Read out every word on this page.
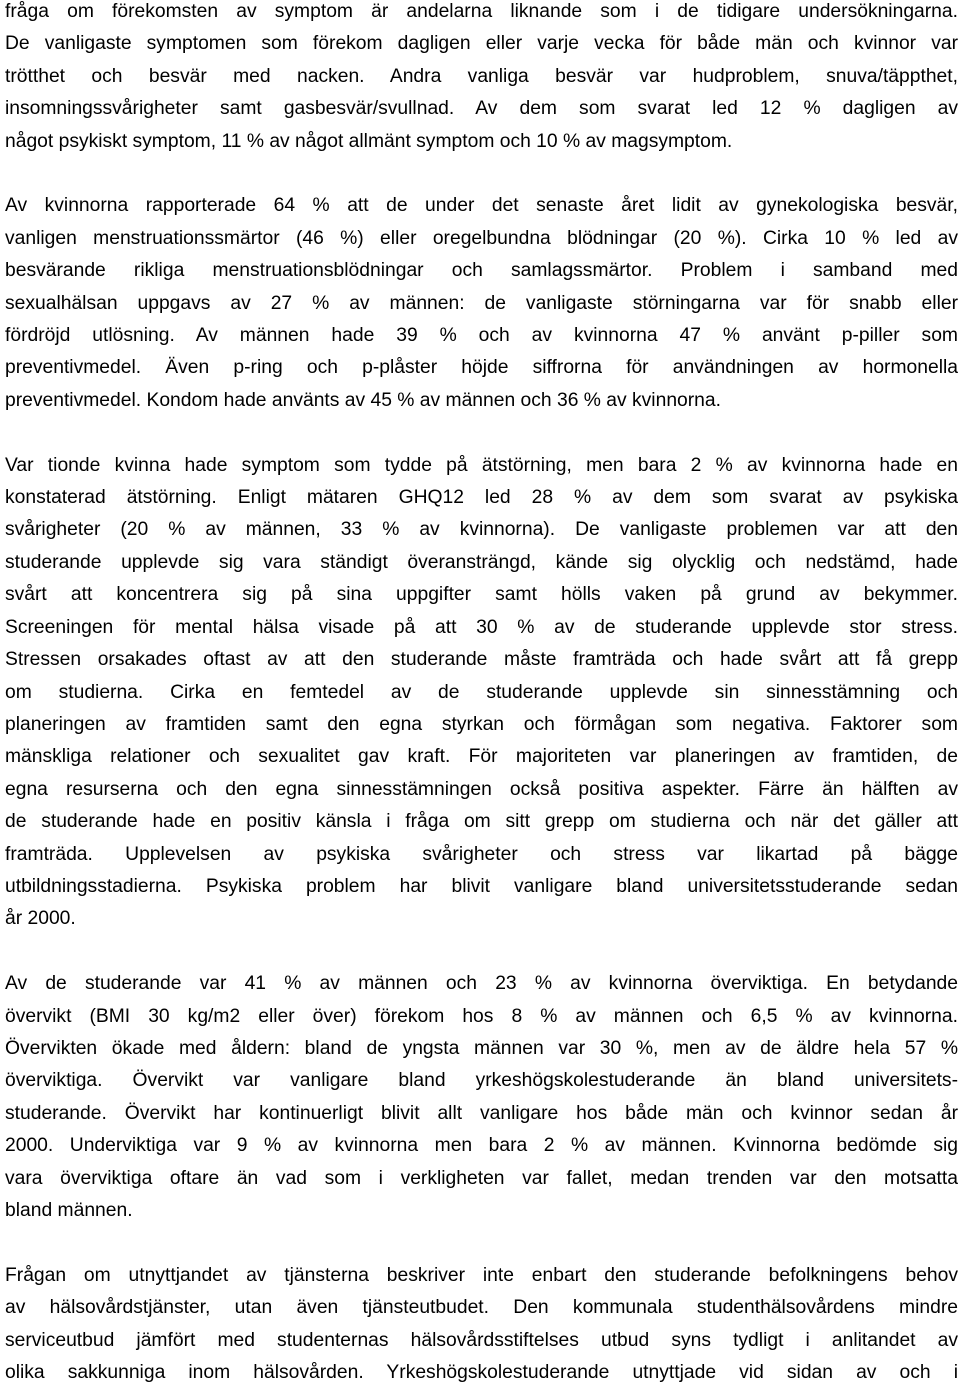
fråga om förekomsten av symptom är andelarna liknande som i de tidigare undersökningarna.
De vanligaste symptomen som förekom dagligen eller varje vecka för både män och kvinnor var
trötthet och besvär med nacken. Andra vanliga besvär var hudproblem, snuva/täppthet,
insomningssvårigheter samt gasbesvär/svullnad. Av dem som svarat led 12 % dagligen av
något psykiskt symptom, 11 % av något allmänt symptom och 10 % av magsymptom.
Av kvinnorna rapporterade 64 % att de under det senaste året lidit av gynekologiska besvär,
vanligen menstruationssmärtor (46 %) eller oregelbundna blödningar (20 %). Cirka 10 % led av
besvärande rikliga menstruationsblödningar och samlagssmärtor. Problem i samband med
sexualhälsan uppgavs av 27 % av männen: de vanligaste störningarna var för snabb eller
fördröjd utlösning. Av männen hade 39 % och av kvinnorna 47 % använt p-piller som
preventivmedel. Även p-ring och p-plåster höjde siffrorna för användningen av hormonella
preventivmedel. Kondom hade använts av 45 % av männen och 36 % av kvinnorna.
Var tionde kvinna hade symptom som tydde på ätstörning, men bara 2 % av kvinnorna hade en
konstaterad ätstörning. Enligt mätaren GHQ12 led 28 % av dem som svarat av psykiska
svårigheter (20 % av männen, 33 % av kvinnorna). De vanligaste problemen var att den
studerande upplevde sig vara ständigt överansträngd, kände sig olycklig och nedstämd, hade
svårt att koncentrera sig på sina uppgifter samt hölls vaken på grund av bekymmer.
Screeningen för mental hälsa visade på att 30 % av de studerande upplevde stor stress.
Stressen orsakades oftast av att den studerande måste framträda och hade svårt att få grepp
om studierna. Cirka en femtedel av de studerande upplevde sin sinnesstämning och
planeringen av framtiden samt den egna styrkan och förmågan som negativa. Faktorer som
mänskliga relationer och sexualitet gav kraft. För majoriteten var planeringen av framtiden, de
egna resurserna och den egna sinnesstämningen också positiva aspekter. Färre än hälften av
de studerande hade en positiv känsla i fråga om sitt grepp om studierna och när det gäller att
framträda. Upplevelsen av psykiska svårigheter och stress var likartad på bägge
utbildningsstadierna. Psykiska problem har blivit vanligare bland universitetsstuderande sedan
år 2000.
Av de studerande var 41 % av männen och 23 % av kvinnorna överviktiga. En betydande
övervikt (BMI 30 kg/m2 eller över) förekom hos 8 % av männen och 6,5 % av kvinnorna.
Övervikten ökade med åldern: bland de yngsta männen var 30 %, men av de äldre hela 57 %
överviktiga. Övervikt var vanligare bland yrkeshögskolestuderande än bland universitets-
studerande. Övervikt har kontinuerligt blivit allt vanligare hos både män och kvinnor sedan år
2000. Underviktiga var 9 % av kvinnorna men bara 2 % av männen. Kvinnorna bedömde sig
vara överviktiga oftare än vad som i verkligheten var fallet, medan trenden var den motsatta
bland männen.
Frågan om utnyttjandet av tjänsterna beskriver inte enbart den studerande befolkningens behov
av hälsovårdstjänster, utan även tjänsteutbudet. Den kommunala studenthälsovårdens mindre
serviceutbud jämfört med studenternas hälsovårdsstiftelses utbud syns tydligt i anlitandet av
olika sakkunniga inom hälsovården. Yrkeshögskolestuderande utnyttjade vid sidan av och i
